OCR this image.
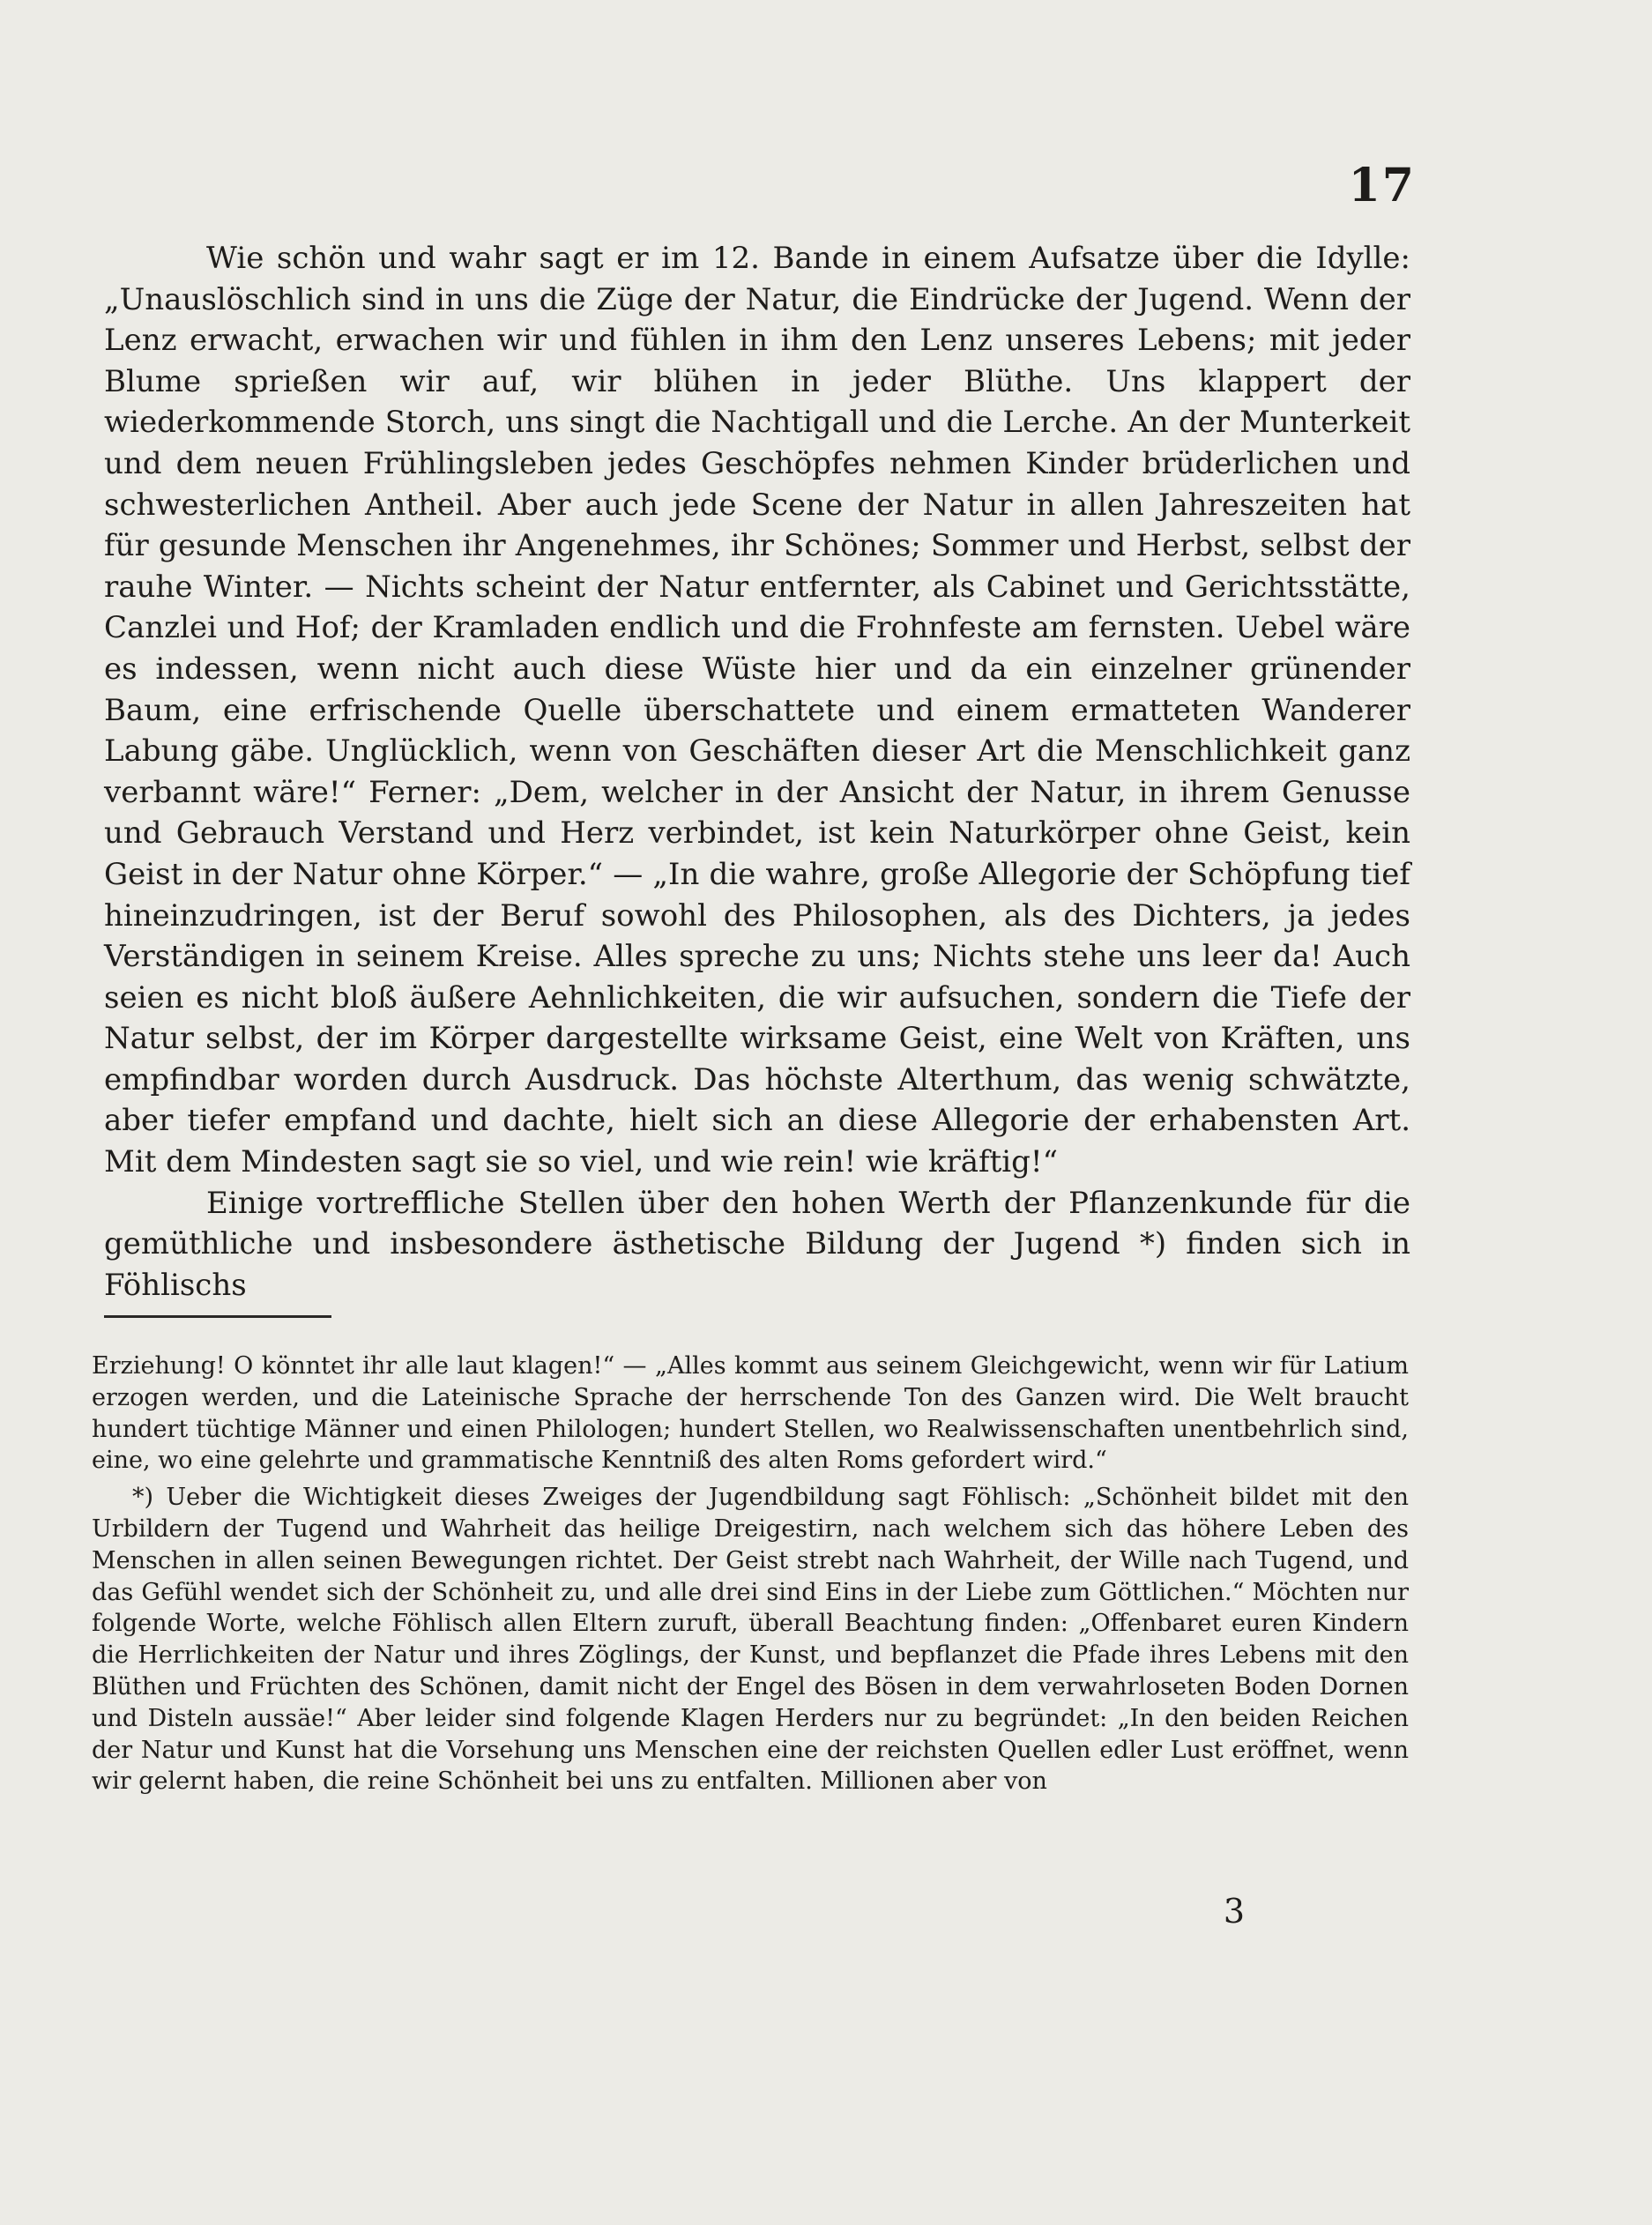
17

Wie schön und wahr sagt er im 12. Bande in einem Aufsatze über die Idylle: „Unauslöschlich sind in uns die Züge der Natur, die Eindrücke der Jugend. Wenn der Lenz erwacht, erwachen wir und fühlen in ihm den Lenz unseres Lebens; mit jeder Blume sprießen wir auf, wir blühen in jeder Blüthe. Uns klappert der wiederkommende Storch, uns singt die Nachtigall und die Lerche. An der Munterkeit und dem neuen Frühlingsleben jedes Geschöpfes nehmen Kinder brüderlichen und schwesterlichen Antheil. Aber auch jede Scene der Natur in allen Jahreszeiten hat für gesunde Menschen ihr Angenehmes, ihr Schönes; Sommer und Herbst, selbst der rauhe Winter. — Nichts scheint der Natur entfernter, als Cabinet und Gerichtsstätte, Canzlei und Hof; der Kramladen endlich und die Frohnfeste am fernsten. Uebel wäre es indessen, wenn nicht auch diese Wüste hier und da ein einzelner grünender Baum, eine erfrischende Quelle überschattete und einem ermatteten Wanderer Labung gäbe. Unglücklich, wenn von Geschäften dieser Art die Menschlichkeit ganz verbannt wäre!“ Ferner: „Dem, welcher in der Ansicht der Natur, in ihrem Genusse und Gebrauch Verstand und Herz verbindet, ist kein Naturkörper ohne Geist, kein Geist in der Natur ohne Körper.“ — „In die wahre, große Allegorie der Schöpfung tief hineinzudringen, ist der Beruf sowohl des Philosophen, als des Dichters, ja jedes Verständigen in seinem Kreise. Alles spreche zu uns; Nichts stehe uns leer da! Auch seien es nicht bloß äußere Aehnlichkeiten, die wir aufsuchen, sondern die Tiefe der Natur selbst, der im Körper dargestellte wirksame Geist, eine Welt von Kräften, uns empfindbar worden durch Ausdruck. Das höchste Alterthum, das wenig schwätzte, aber tiefer empfand und dachte, hielt sich an diese Allegorie der erhabensten Art. Mit dem Mindesten sagt sie so viel, und wie rein! wie kräftig!“

Einige vortreffliche Stellen über den hohen Werth der Pflanzenkunde für die gemüthliche und insbesondere ästhetische Bildung der Jugend *) finden sich in Föhlischs

Erziehung! O könntet ihr alle laut klagen!“ — „Alles kommt aus seinem Gleichgewicht, wenn wir für Latium erzogen werden, und die Lateinische Sprache der herrschende Ton des Ganzen wird. Die Welt braucht hundert tüchtige Männer und einen Philologen; hundert Stellen, wo Realwissenschaften unentbehrlich sind, eine, wo eine gelehrte und grammatische Kenntniß des alten Roms gefordert wird.“

*) Ueber die Wichtigkeit dieses Zweiges der Jugendbildung sagt Föhlisch: „Schönheit bildet mit den Urbildern der Tugend und Wahrheit das heilige Dreigestirn, nach welchem sich das höhere Leben des Menschen in allen seinen Bewegungen richtet. Der Geist strebt nach Wahrheit, der Wille nach Tugend, und das Gefühl wendet sich der Schönheit zu, und alle drei sind Eins in der Liebe zum Göttlichen.“ Möchten nur folgende Worte, welche Föhlisch allen Eltern zuruft, überall Beachtung finden: „Offenbaret euren Kindern die Herrlichkeiten der Natur und ihres Zöglings, der Kunst, und bepflanzet die Pfade ihres Lebens mit den Blüthen und Früchten des Schönen, damit nicht der Engel des Bösen in dem verwahrloseten Boden Dornen und Disteln aussäe!“ Aber leider sind folgende Klagen Herders nur zu begründet: „In den beiden Reichen der Natur und Kunst hat die Vorsehung uns Menschen eine der reichsten Quellen edler Lust eröffnet, wenn wir gelernt haben, die reine Schönheit bei uns zu entfalten. Millionen aber von

3
